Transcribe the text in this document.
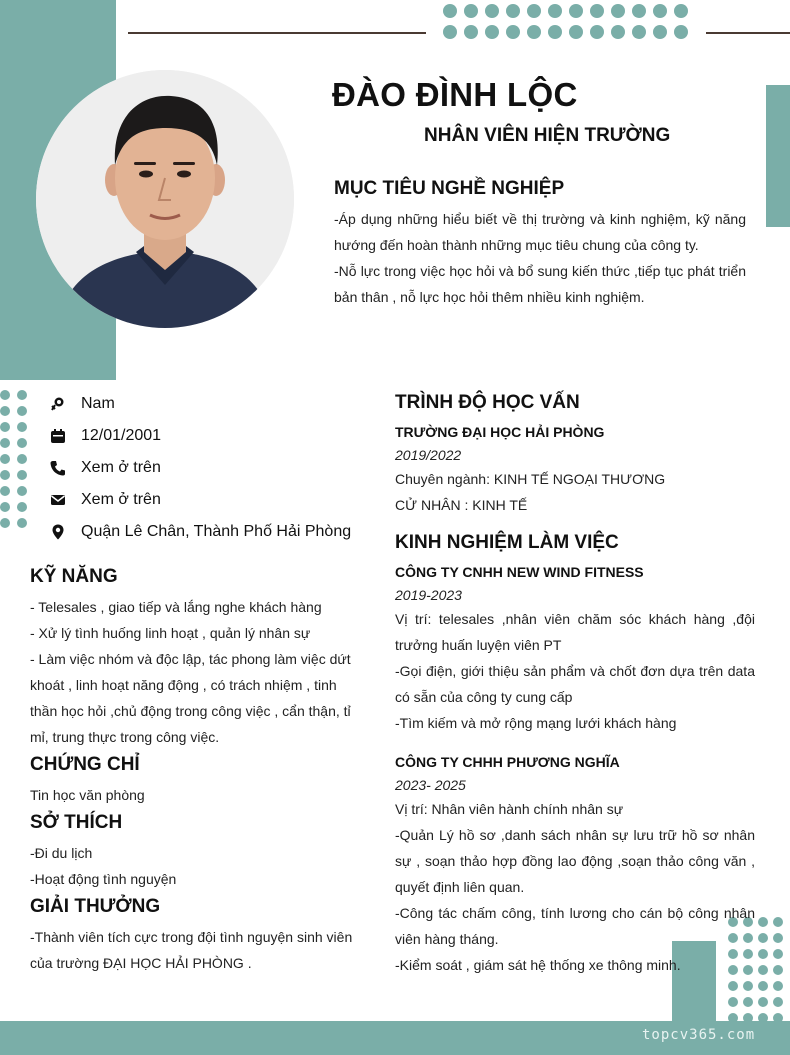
ĐÀO ĐÌNH LỘC
NHÂN VIÊN HIỆN TRƯỜNG
MỤC TIÊU NGHỀ NGHIỆP
-Áp dụng những hiểu biết về thị trường và kinh nghiệm, kỹ năng hướng đến hoàn thành những mục tiêu chung của công ty.
-Nỗ lực trong việc học hỏi và bổ sung kiến thức ,tiếp tục phát triển bản thân , nỗ lực học hỏi thêm nhiều kinh nghiệm.
Nam
12/01/2001
Xem ở trên
Xem ở trên
Quận Lê Chân, Thành Phố Hải Phòng
KỸ NĂNG
- Telesales , giao tiếp và lắng nghe khách hàng
- Xử lý tình huống linh hoạt , quản lý nhân sự
- Làm việc nhóm và độc lập, tác phong làm việc dứt khoát , linh hoạt năng động , có trách nhiệm , tinh thần học hỏi ,chủ động trong công việc , cẩn thận, tỉ mỉ, trung thực trong công việc.
CHỨNG CHỈ
Tin học văn phòng
SỞ THÍCH
-Đi du lịch
-Hoạt động tình nguyện
GIẢI THƯỞNG
-Thành viên tích cực trong đội tình nguyện sinh viên của trường ĐẠI HỌC HẢI PHÒNG .
TRÌNH ĐỘ HỌC VẤN
TRƯỜNG ĐẠI HỌC HẢI PHÒNG
2019/2022
Chuyên ngành: KINH TẾ NGOẠI THƯƠNG
CỬ NHÂN : KINH TẾ
KINH NGHIỆM LÀM VIỆC
CÔNG TY CNHH NEW WIND FITNESS
2019-2023
Vị trí: telesales ,nhân viên chăm sóc khách hàng ,đội trưởng huấn luyện viên PT
-Gọi điện, giới thiệu sản phẩm và chốt đơn dựa trên data có sẵn của công ty cung cấp
-Tìm kiếm và mở rộng mạng lưới khách hàng
CÔNG TY CHHH PHƯƠNG NGHĨA
2023- 2025
Vị trí: Nhân viên hành chính nhân sự
-Quản Lý hồ sơ ,danh sách nhân sự lưu trữ hồ sơ nhân sự , soạn thảo hợp đồng lao động ,soạn thảo công văn , quyết định liên quan.
-Công tác chấm công, tính lương cho cán bộ công nhân viên hàng tháng.
-Kiểm soát , giám sát hệ thống xe thông minh.
topcv365.com
